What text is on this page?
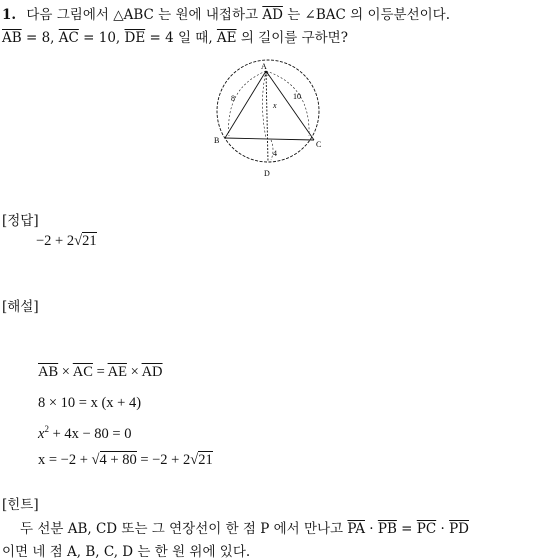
1. 다음 그림에서 △ABC 는 원에 내접하고 $\overline{AD}$ 는 ∠BAC 의 이등분선이다.
$\overline{AB} = 8$, $\overline{AC} = 10$, $\overline{DE} = 4$ 일 때, $\overline{AE}$ 의 길이를 구하면?
A
E
B	C
D
8	10
x
4
[정답]
−2 + 2√21
[해설]
$\overline{AB} \times \overline{AC} = \overline{AE} \times \overline{AD}$
8 × 10 = x (x + 4)
$x^2 + 4x - 80 = 0$
x = −2 + √4 + 80 = −2 + 2√21
[힌트]
두 선분 AB, CD 또는 그 연장선이 한 점 P 에서 만나고 $\overline{PA} \cdot \overline{PB} = \overline{PC} \cdot \overline{PD}$
이면 네 점 A, B, C, D 는 한 원 위에 있다.
